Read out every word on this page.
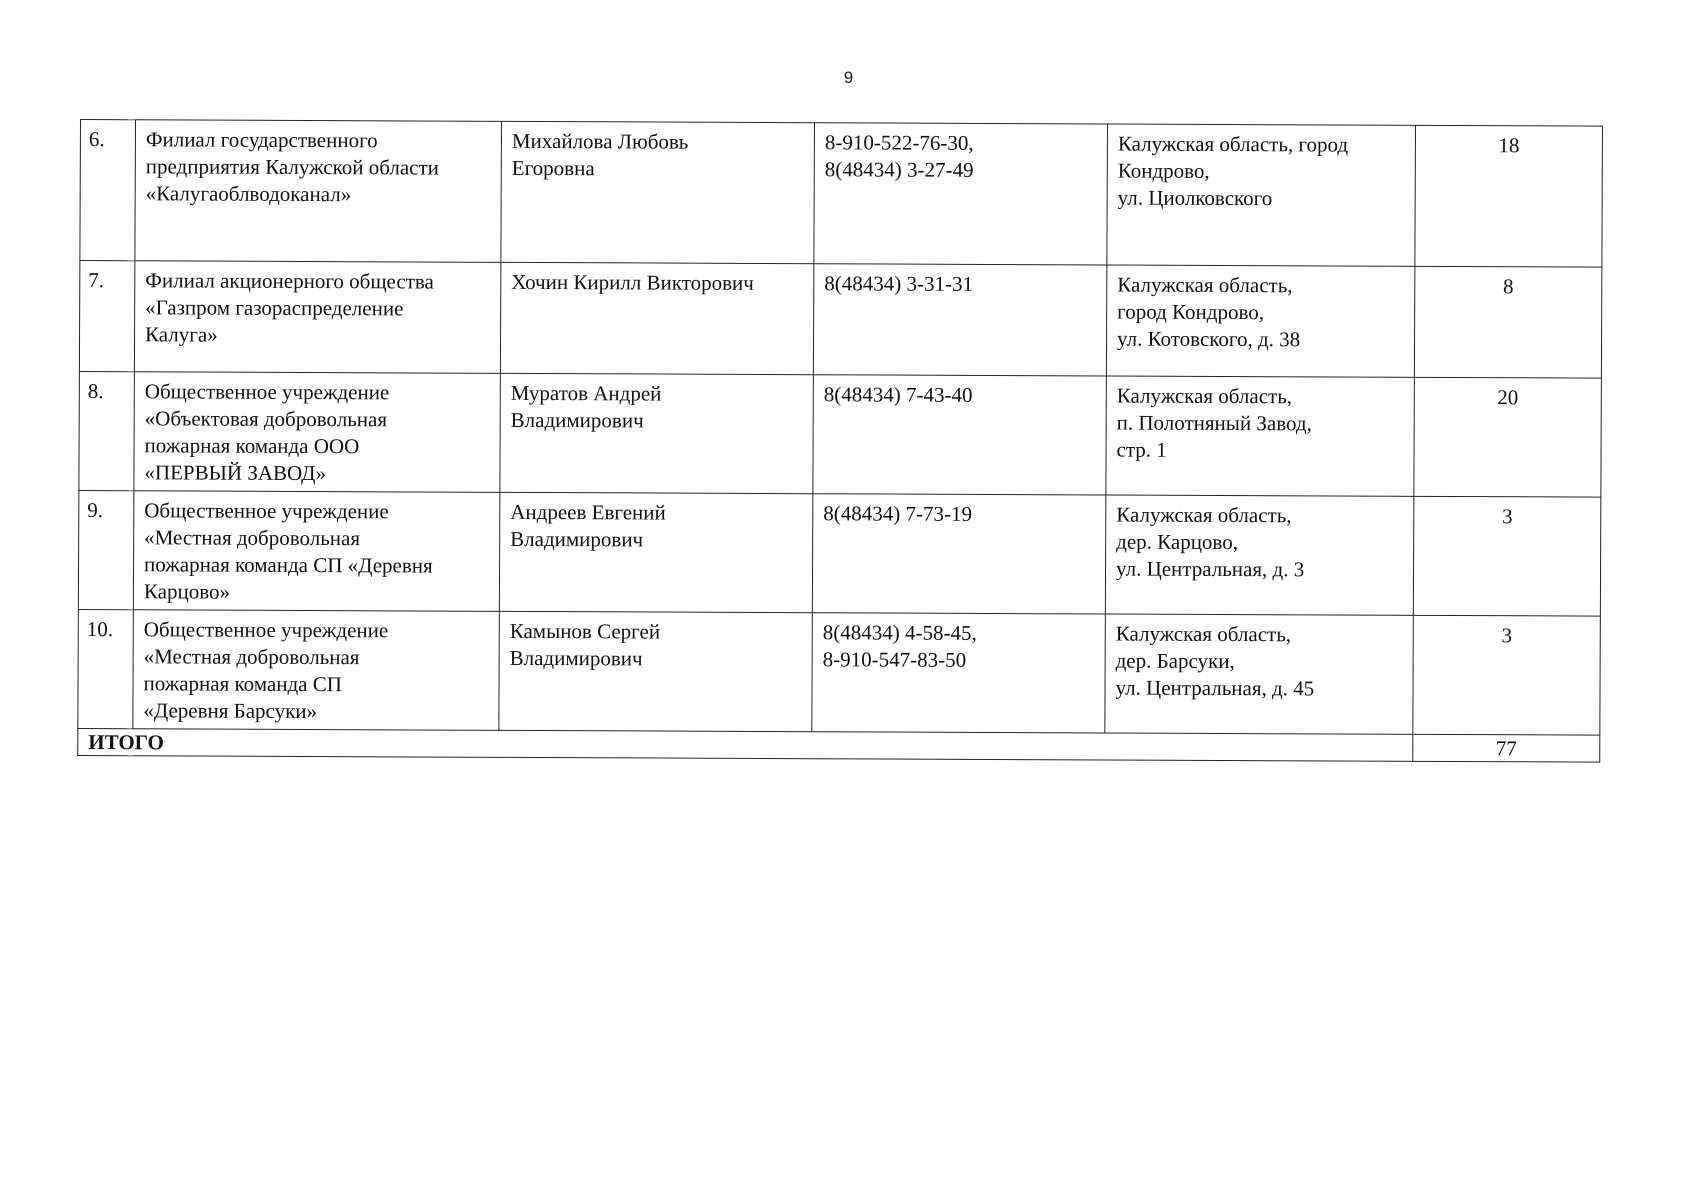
9
6.	Филиал государственного
предприятия Калужской области
«Калугаоблводоканал»	Михайлова Любовь
Егоровна	8-910-522-76-30,
8(48434) 3-27-49	Калужская область, город
Кондрово,
ул. Циолковского	18
7.	Филиал акционерного общества
«Газпром газораспределение
Калуга»	Хочин Кирилл Викторович	8(48434) 3-31-31	Калужская область,
город Кондрово,
ул. Котовского, д. 38	8
8.	Общественное учреждение
«Объектовая добровольная
пожарная команда ООО
«ПЕРВЫЙ ЗАВОД»	Муратов Андрей
Владимирович	8(48434) 7-43-40	Калужская область,
п. Полотняный Завод,
стр. 1	20
9.	Общественное учреждение
«Местная добровольная
пожарная команда СП «Деревня
Карцово»	Андреев Евгений
Владимирович	8(48434) 7-73-19	Калужская область,
дер. Карцово,
ул. Центральная, д. 3	3
10.	Общественное учреждение
«Местная добровольная
пожарная команда СП
«Деревня Барсуки»	Камынов Сергей
Владимирович	8(48434) 4-58-45,
8-910-547-83-50	Калужская область,
дер. Барсуки,
ул. Центральная, д. 45	3
ИТОГО					77
